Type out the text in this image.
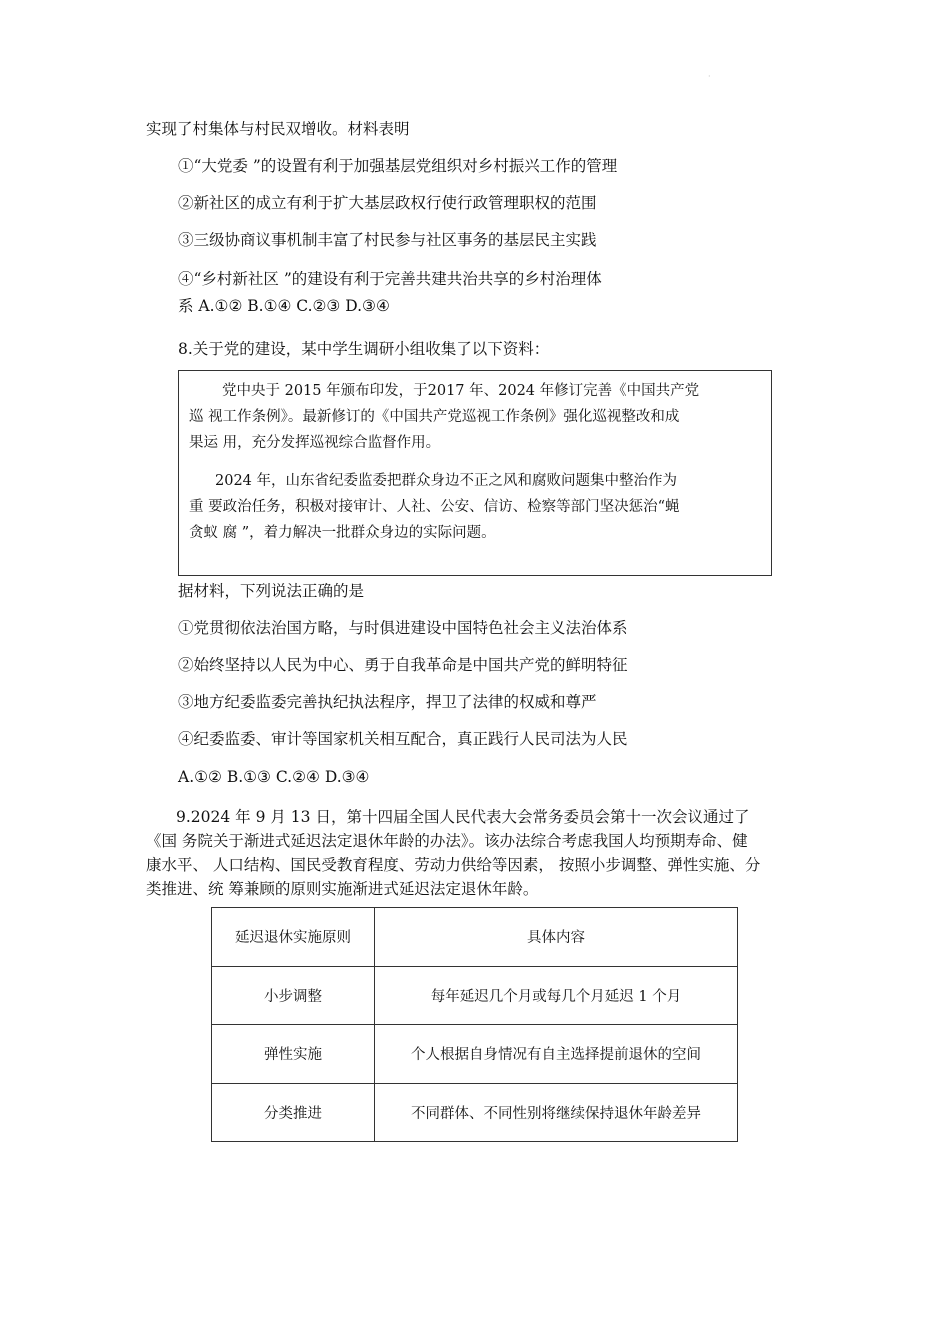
·
实现了村集体与村民双增收。材料表明
①“大党委 ”的设置有利于加强基层党组织对乡村振兴工作的管理
②新社区的成立有利于扩大基层政权行使行政管理职权的范围
③三级协商议事机制丰富了村民参与社区事务的基层民主实践
④“乡村新社区 ”的建设有利于完善共建共治共享的乡村治理体
系 A.①② B.①④ C.②③ D.③④
8.关于党的建设，某中学生调研小组收集了以下资料：
党中央于 2015 年颁布印发，于2017 年、2024 年修订完善《中国共产党
巡 视工作条例》。最新修订的《中国共产党巡视工作条例》强化巡视整改和成
果运 用，充分发挥巡视综合监督作用。
2024 年，山东省纪委监委把群众身边不正之风和腐败问题集中整治作为
重 要政治任务，积极对接审计、人社、公安、信访、检察等部门坚决惩治“蝇
贪蚁 腐 ”，着力解决一批群众身边的实际问题。
据材料，下列说法正确的是
①党贯彻依法治国方略，与时俱进建设中国特色社会主义法治体系
②始终坚持以人民为中心、勇于自我革命是中国共产党的鲜明特征
③地方纪委监委完善执纪执法程序，捍卫了法律的权威和尊严
④纪委监委、审计等国家机关相互配合，真正践行人民司法为人民
A.①② B.①③ C.②④ D.③④
9.2024 年 9 月 13 日，第十四届全国人民代表大会常务委员会第十一次会议通过了
《国 务院关于渐进式延迟法定退休年龄的办法》。该办法综合考虑我国人均预期寿命、健
康水平、 人口结构、国民受教育程度、劳动力供给等因素， 按照小步调整、弹性实施、分
类推进、统 筹兼顾的原则实施渐进式延迟法定退休年龄。
延迟退休实施原则	具体内容
小步调整	每年延迟几个月或每几个月延迟 1 个月
弹性实施	个人根据自身情况有自主选择提前退休的空间
分类推进	不同群体、不同性别将继续保持退休年龄差异
